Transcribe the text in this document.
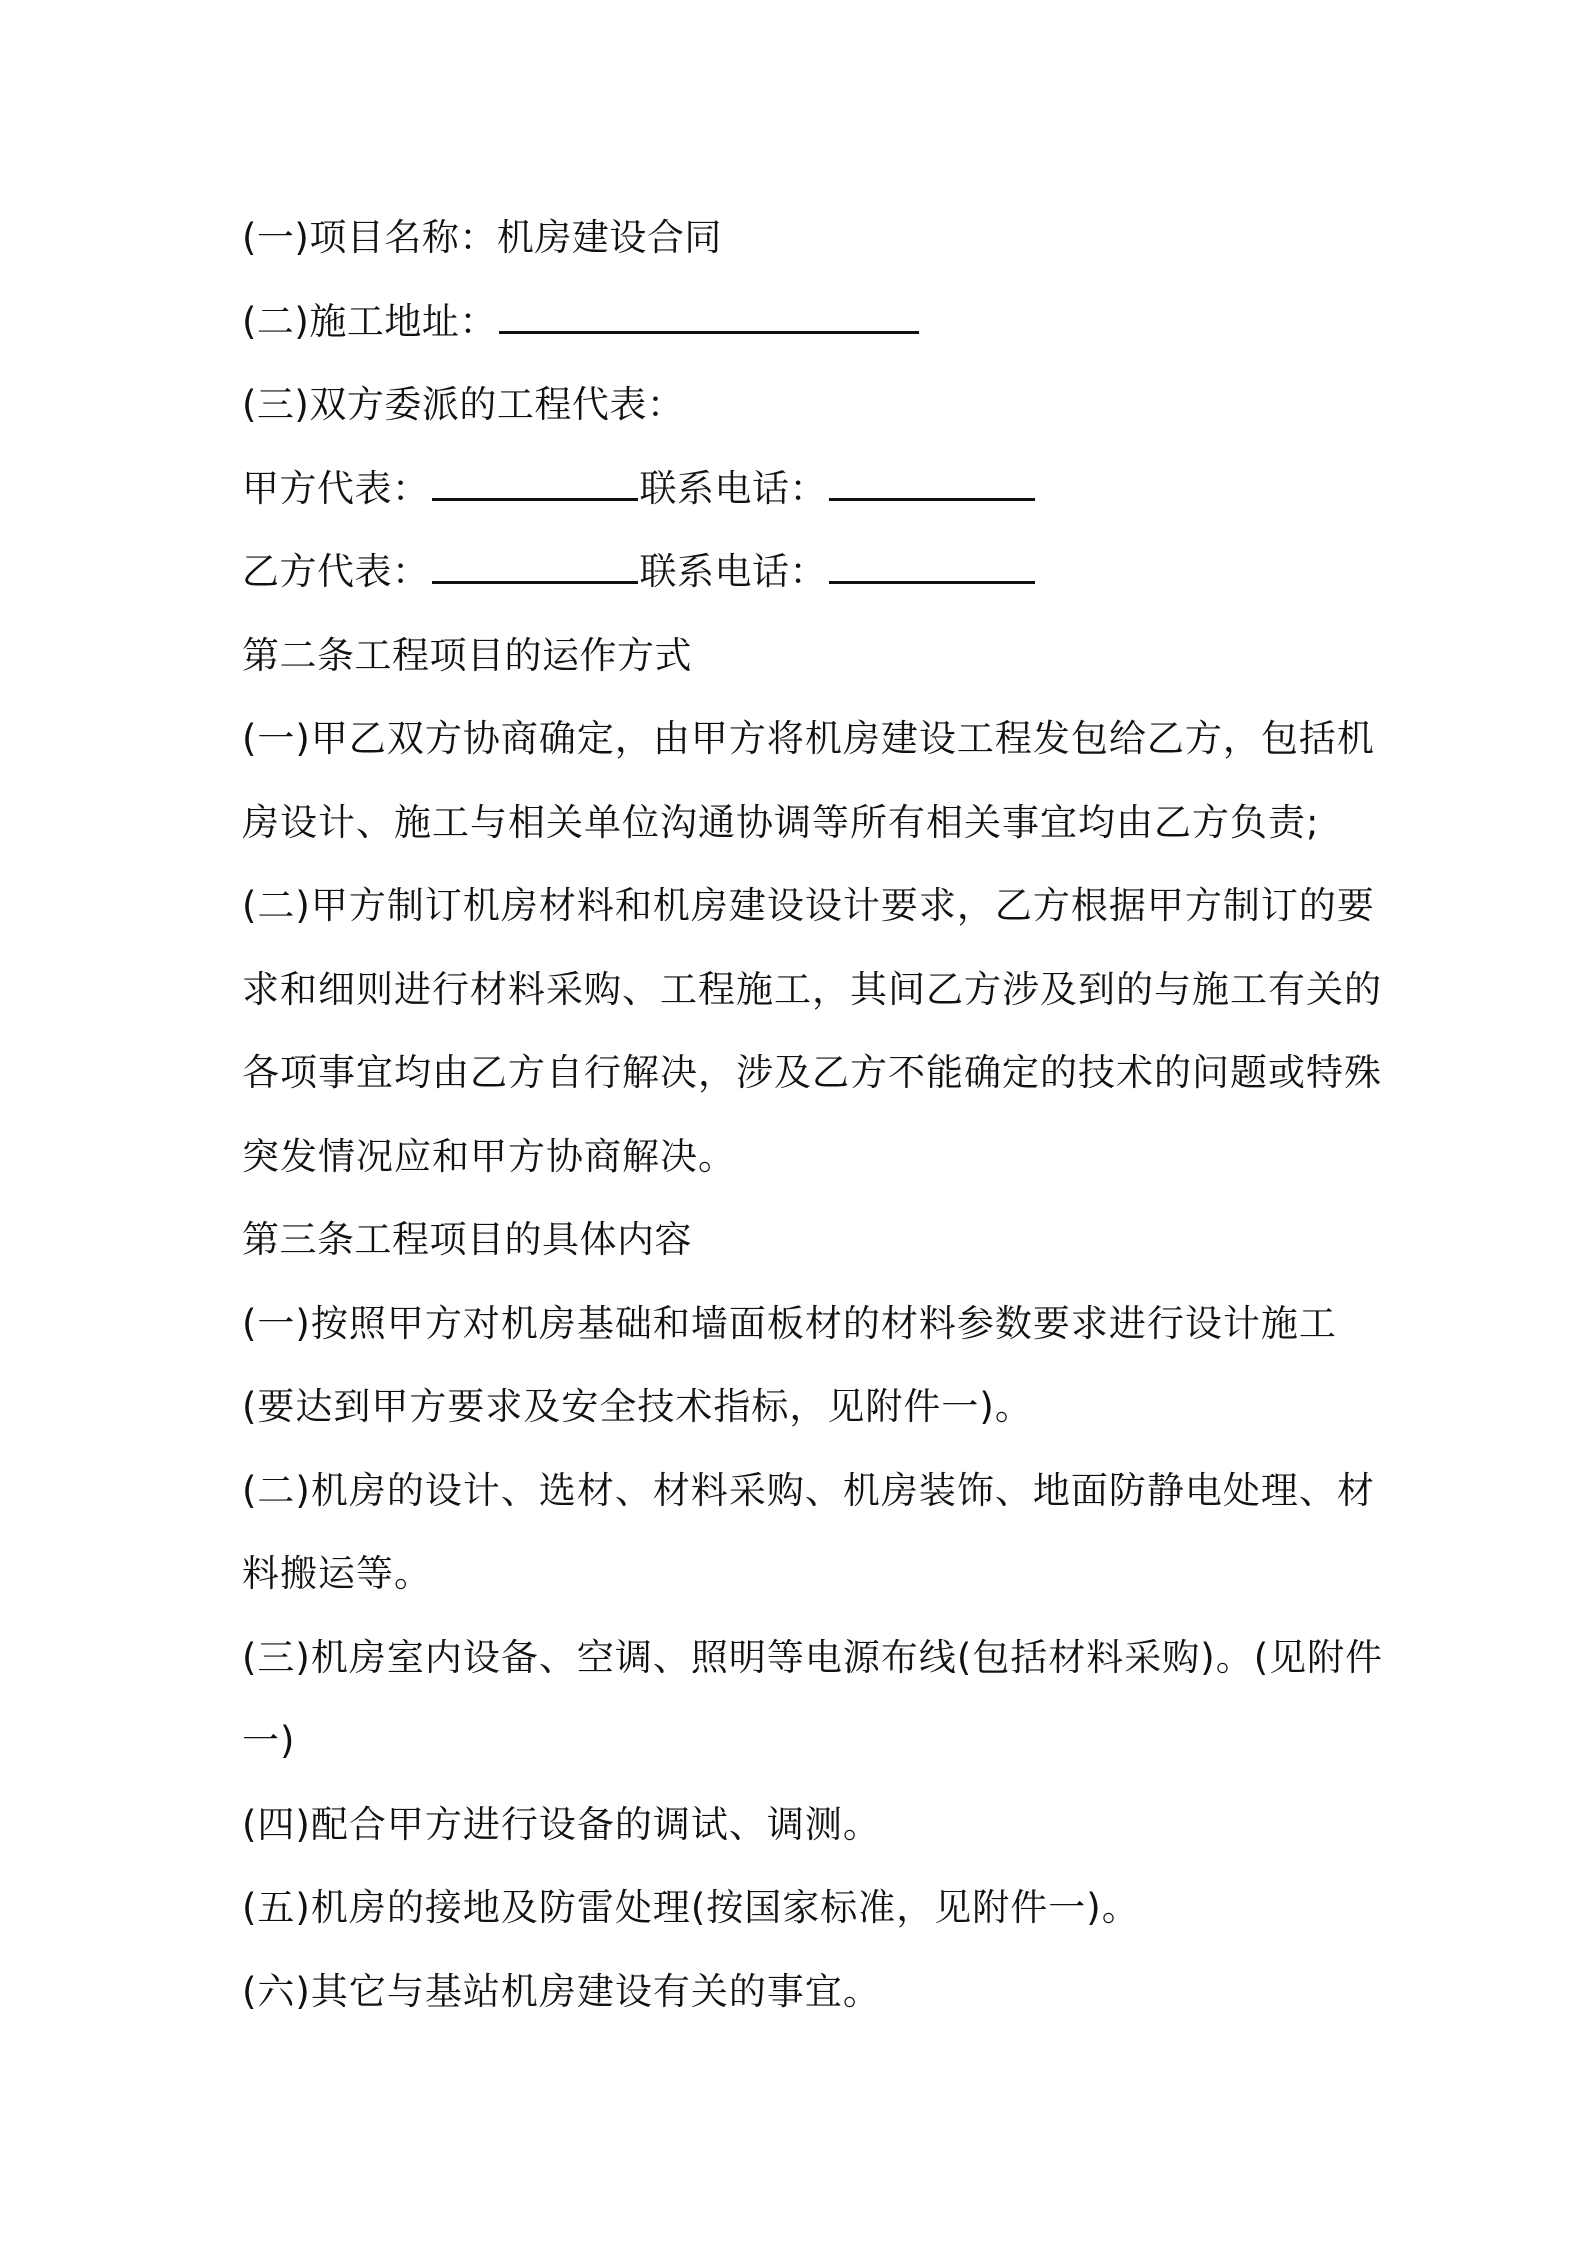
(一)项目名称：机房建设合同
(二)施工地址：
(三)双方委派的工程代表：
甲方代表：	联系电话：
乙方代表：	联系电话：
第二条工程项目的运作方式
(一)甲乙双方协商确定，由甲方将机房建设工程发包给乙方，包括机
房设计、施工与相关单位沟通协调等所有相关事宜均由乙方负责;
(二)甲方制订机房材料和机房建设设计要求，乙方根据甲方制订的要
求和细则进行材料采购、工程施工，其间乙方涉及到的与施工有关的
各项事宜均由乙方自行解决，涉及乙方不能确定的技术的问题或特殊
突发情况应和甲方协商解决。
第三条工程项目的具体内容
(一)按照甲方对机房基础和墙面板材的材料参数要求进行设计施工
(要达到甲方要求及安全技术指标，见附件一)。
(二)机房的设计、选材、材料采购、机房装饰、地面防静电处理、材
料搬运等。
(三)机房室内设备、空调、照明等电源布线(包括材料采购)。(见附件
一)
(四)配合甲方进行设备的调试、调测。
(五)机房的接地及防雷处理(按国家标准，见附件一)。
(六)其它与基站机房建设有关的事宜。
